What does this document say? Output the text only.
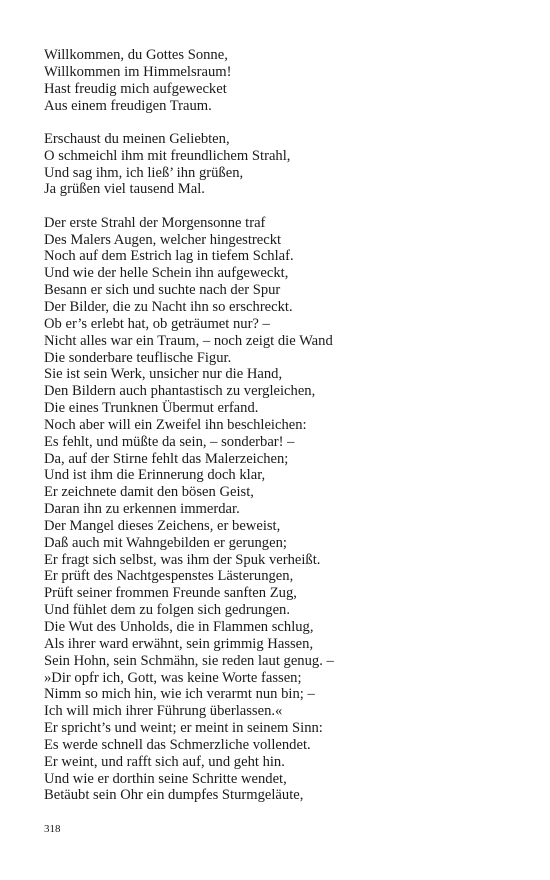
Willkommen, du Gottes Sonne,
Willkommen im Himmelsraum!
Hast freudig mich aufgewecket
Aus einem freudigen Traum.
Erschaust du meinen Geliebten,
O schmeichl ihm mit freundlichem Strahl,
Und sag ihm, ich ließ’ ihn grüßen,
Ja grüßen viel tausend Mal.
Der erste Strahl der Morgensonne traf
Des Malers Augen, welcher hingestreckt
Noch auf dem Estrich lag in tiefem Schlaf.
Und wie der helle Schein ihn aufgeweckt,
Besann er sich und suchte nach der Spur
Der Bilder, die zu Nacht ihn so erschreckt.
Ob er’s erlebt hat, ob geträumet nur? –
Nicht alles war ein Traum, – noch zeigt die Wand
Die sonderbare teuflische Figur.
Sie ist sein Werk, unsicher nur die Hand,
Den Bildern auch phantastisch zu vergleichen,
Die eines Trunknen Übermut erfand.
Noch aber will ein Zweifel ihn beschleichen:
Es fehlt, und müßte da sein, – sonderbar! –
Da, auf der Stirne fehlt das Malerzeichen;
Und ist ihm die Erinnerung doch klar,
Er zeichnete damit den bösen Geist,
Daran ihn zu erkennen immerdar.
Der Mangel dieses Zeichens, er beweist,
Daß auch mit Wahngebilden er gerungen;
Er fragt sich selbst, was ihm der Spuk verheißt.
Er prüft des Nachtgespenstes Lästerungen,
Prüft seiner frommen Freunde sanften Zug,
Und fühlet dem zu folgen sich gedrungen.
Die Wut des Unholds, die in Flammen schlug,
Als ihrer ward erwähnt, sein grimmig Hassen,
Sein Hohn, sein Schmähn, sie reden laut genug. –
»Dir opfr ich, Gott, was keine Worte fassen;
Nimm so mich hin, wie ich verarmt nun bin; –
Ich will mich ihrer Führung überlassen.«
Er spricht’s und weint; er meint in seinem Sinn:
Es werde schnell das Schmerzliche vollendet.
Er weint, und rafft sich auf, und geht hin.
Und wie er dorthin seine Schritte wendet,
Betäubt sein Ohr ein dumpfes Sturmgeläute,
318
